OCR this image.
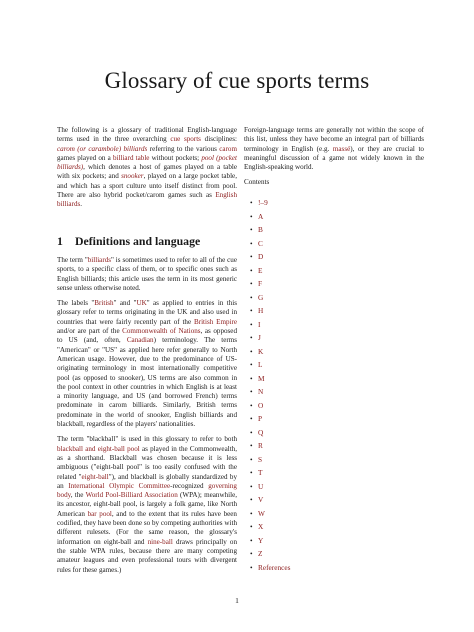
Glossary of cue sports terms

The following is a glossary of traditional English-language terms used in the three overarching cue sports disciplines: carom (or carambole) billiards referring to the various carom games played on a billiard table without pockets; pool (pocket billiards), which denotes a host of games played on a table with six pockets; and snooker, played on a large pocket table, and which has a sport culture unto itself distinct from pool. There are also hybrid pocket/carom games such as English billiards.

Foreign-language terms are generally not within the scope of this list, unless they have become an integral part of billiards terminology in English (e.g. massé), or they are crucial to meaningful discussion of a game not widely known in the English-speaking world.

Contents
• !–9
• A
• B
• C
• D
• E
• F
• G
• H
• I
• J
• K
• L
• M
• N
• O
• P
• Q
• R
• S
• T
• U
• V
• W
• X
• Y
• Z
• References
1 Definitions and language

The term "billiards" is sometimes used to refer to all of the cue sports, to a specific class of them, or to specific ones such as English billiards; this article uses the term in its most generic sense unless otherwise noted.

The labels "British" and "UK" as applied to entries in this glossary refer to terms originating in the UK and also used in countries that were fairly recently part of the British Empire and/or are part of the Commonwealth of Nations, as opposed to US (and, often, Canadian) terminology. The terms "American" or "US" as applied here refer generally to North American usage. However, due to the predominance of US-originating terminology in most internationally competitive pool (as opposed to snooker), US terms are also common in the pool context in other countries in which English is at least a minority language, and US (and borrowed French) terms predominate in carom billiards. Similarly, British terms predominate in the world of snooker, English billiards and blackball, regardless of the players' nationalities.

The term "blackball" is used in this glossary to refer to both blackball and eight-ball pool as played in the Commonwealth, as a shorthand. Blackball was chosen because it is less ambiguous ("eight-ball pool" is too easily confused with the related "eight-ball"), and blackball is globally standardized by an International Olympic Committee-recognized governing body, the World Pool-Billiard Association (WPA); meanwhile, its ancestor, eight-ball pool, is largely a folk game, like North American bar pool, and to the extent that its rules have been codified, they have been done so by competing authorities with different rulesets. (For the same reason, the glossary's information on eight-ball and nine-ball draws principally on the stable WPA rules, because there are many competing amateur leagues and even professional tours with divergent rules for these games.)

1
